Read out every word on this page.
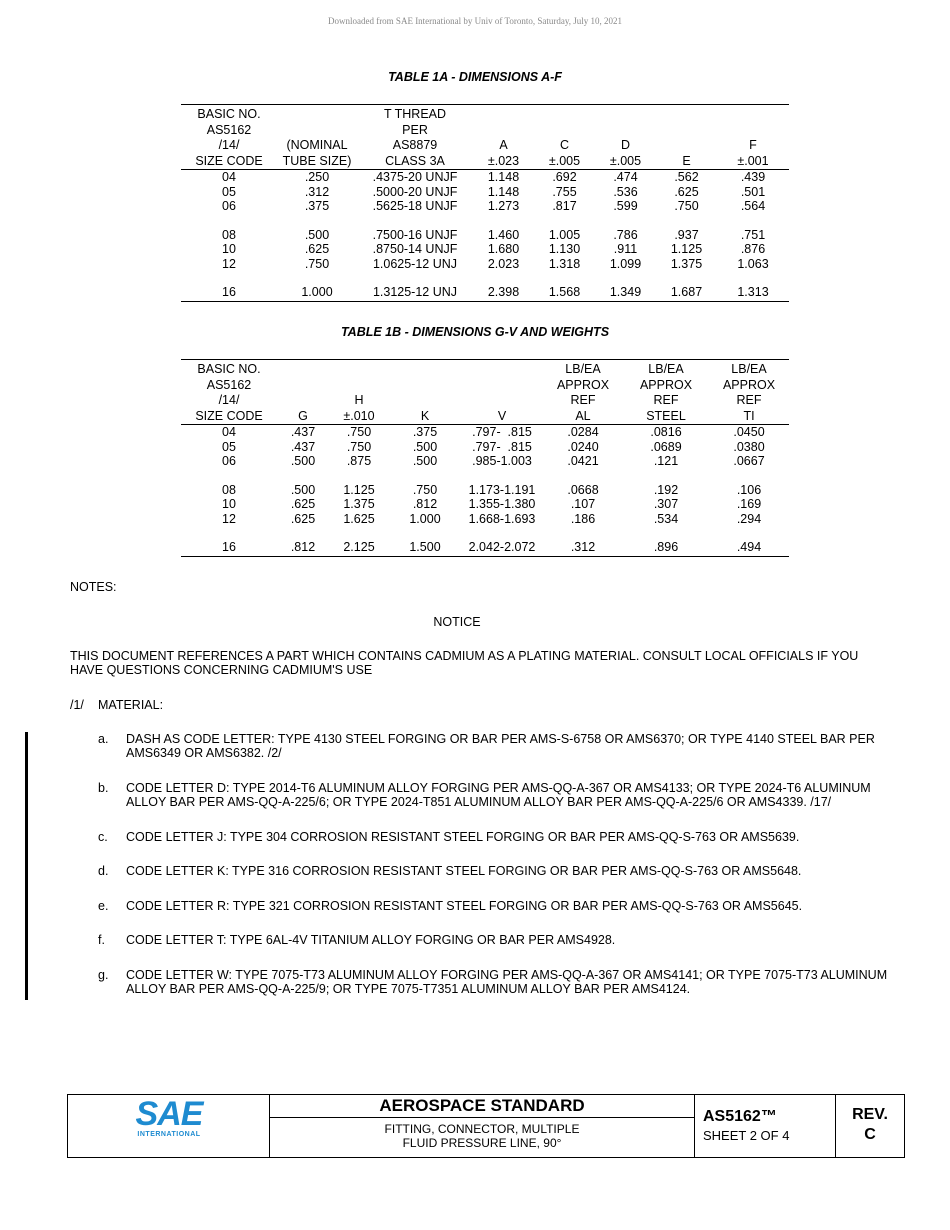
Downloaded from SAE International by Univ of Toronto, Saturday, July 10, 2021
TABLE 1A - DIMENSIONS A-F
BASIC NO.		T THREAD					
AS5162		PER					
/14/	(NOMINAL	AS8879	A	C	D		F
SIZE CODE	TUBE SIZE)	CLASS 3A	±.023	±.005	±.005	E	±.001
04	.250	.4375-20 UNJF	1.148	.692	.474	.562	.439
05	.312	.5000-20 UNJF	1.148	.755	.536	.625	.501
06	.375	.5625-18 UNJF	1.273	.817	.599	.750	.564

08	.500	.7500-16 UNJF	1.460	1.005	.786	.937	.751
10	.625	.8750-14 UNJF	1.680	1.130	.911	1.125	.876
12	.750	1.0625-12 UNJ	2.023	1.318	1.099	1.375	1.063

16	1.000	1.3125-12 UNJ	2.398	1.568	1.349	1.687	1.313
TABLE 1B - DIMENSIONS G-V AND WEIGHTS
BASIC NO.					LB/EA	LB/EA	LB/EA
AS5162					APPROX	APPROX	APPROX
/14/		H			REF	REF	REF
SIZE CODE	G	±.010	K	V	AL	STEEL	TI
04	.437	.750	.375	.797-  .815	.0284	.0816	.0450
05	.437	.750	.500	.797-  .815	.0240	.0689	.0380
06	.500	.875	.500	.985-1.003	.0421	.121	.0667

08	.500	1.125	.750	1.173-1.191	.0668	.192	.106
10	.625	1.375	.812	1.355-1.380	.107	.307	.169
12	.625	1.625	1.000	1.668-1.693	.186	.534	.294

16	.812	2.125	1.500	2.042-2.072	.312	.896	.494
NOTES:
NOTICE
THIS DOCUMENT REFERENCES A PART WHICH CONTAINS CADMIUM AS A PLATING MATERIAL. CONSULT LOCAL OFFICIALS IF YOU HAVE QUESTIONS CONCERNING CADMIUM'S USE
/1/ MATERIAL:
a. DASH AS CODE LETTER: TYPE 4130 STEEL FORGING OR BAR PER AMS-S-6758 OR AMS6370; OR TYPE 4140 STEEL BAR PER AMS6349 OR AMS6382. /2/
b. CODE LETTER D: TYPE 2014-T6 ALUMINUM ALLOY FORGING PER AMS-QQ-A-367 OR AMS4133; OR TYPE 2024-T6 ALUMINUM ALLOY BAR PER AMS-QQ-A-225/6; OR TYPE 2024-T851 ALUMINUM ALLOY BAR PER AMS-QQ-A-225/6 OR AMS4339. /17/
c. CODE LETTER J: TYPE 304 CORROSION RESISTANT STEEL FORGING OR BAR PER AMS-QQ-S-763 OR AMS5639.
d. CODE LETTER K: TYPE 316 CORROSION RESISTANT STEEL FORGING OR BAR PER AMS-QQ-S-763 OR AMS5648.
e. CODE LETTER R: TYPE 321 CORROSION RESISTANT STEEL FORGING OR BAR PER AMS-QQ-S-763 OR AMS5645.
f. CODE LETTER T: TYPE 6AL-4V TITANIUM ALLOY FORGING OR BAR PER AMS4928.
g. CODE LETTER W: TYPE 7075-T73 ALUMINUM ALLOY FORGING PER AMS-QQ-A-367 OR AMS4141; OR TYPE 7075-T73 ALUMINUM ALLOY BAR PER AMS-QQ-A-225/9; OR TYPE 7075-T7351 ALUMINUM ALLOY BAR PER AMS4124.
SAE
INTERNATIONAL
AEROSPACE STANDARD
FITTING, CONNECTOR, MULTIPLE
FLUID PRESSURE LINE, 90°
AS5162™
SHEET 2 OF 4
REV.
C
